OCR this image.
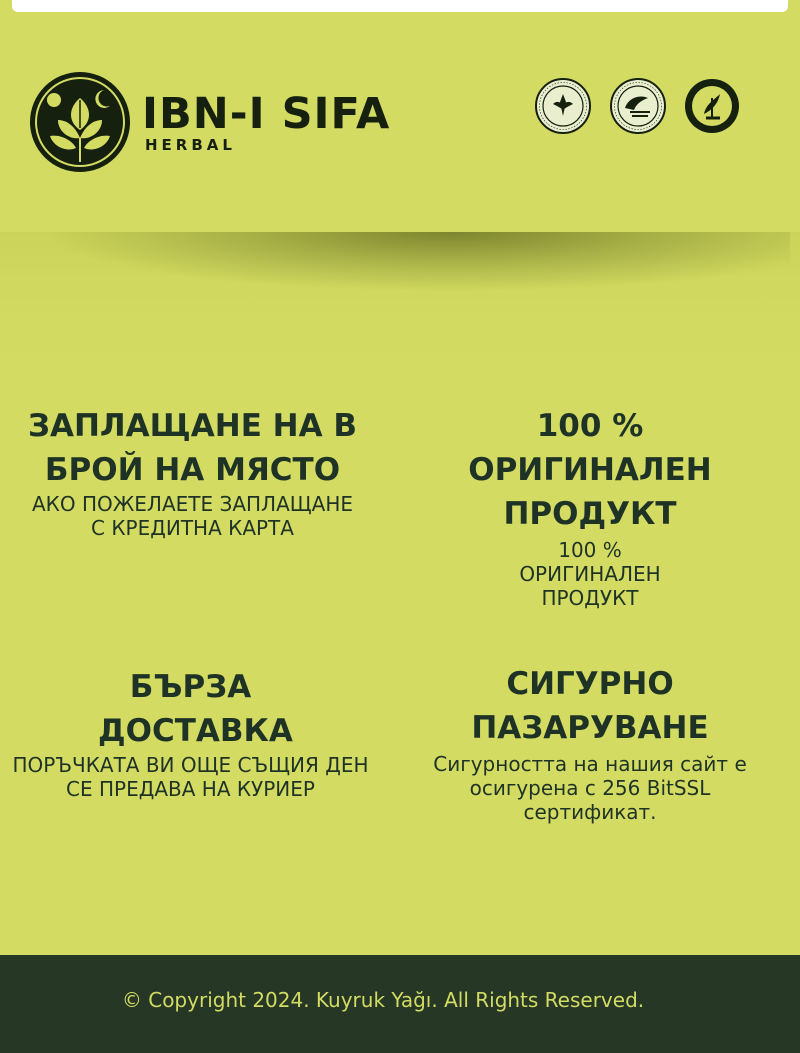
IBN-I SIFA
HERBAL
ЗАПЛАЩАНЕ НА В БРОЙ НА МЯСТО

АКО ПОЖЕЛАЕТЕ ЗАПЛАЩАНЕ С КРЕДИТНА КАРТА

100 % ОРИГИНАЛЕН ПРОДУКТ

100 % ОРИГИНАЛЕН ПРОДУКТ

БЪРЗА ДОСТАВКА

ПОРЪЧКАТА ВИ ОЩЕ СЪЩИЯ ДЕН СЕ ПРЕДАВА НА КУРИЕР

СИГУРНО ПАЗАРУВАНЕ

Сигурността на нашия сайт е осигурена с 256 BitSSL сертификат.

© Copyright 2024. Kuyruk Yağı. All Rights Reserved.
